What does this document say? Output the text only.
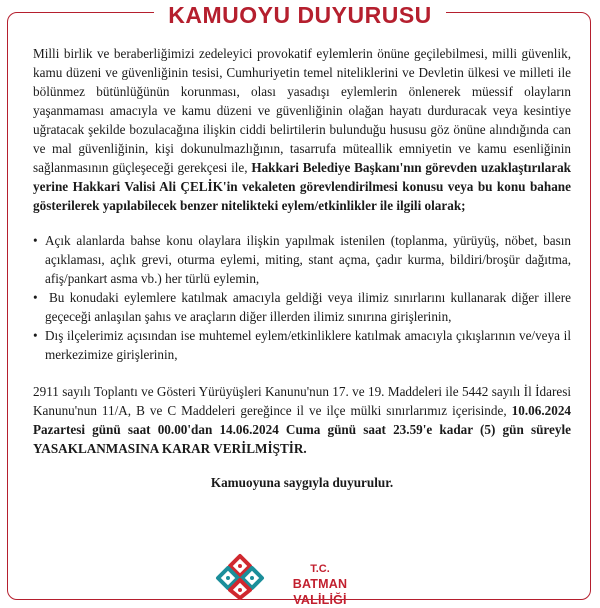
KAMUOYU DUYURUSU

Milli birlik ve beraberliğimizi zedeleyici provokatif eylemlerin önüne geçilebilmesi, milli güvenlik, kamu düzeni ve güvenliğinin tesisi, Cumhuriyetin temel niteliklerini ve Devletin ülkesi ve milleti ile bölünmez bütünlüğünün korunması, olası yasadışı eylemlerin önlenerek müessif olayların yaşanmaması amacıyla ve kamu düzeni ve güvenliğinin olağan hayatı durduracak veya kesintiye uğratacak şekilde bozulacağına ilişkin ciddi belirtilerin bulunduğu hususu göz önüne alındığında can ve mal güvenliğinin, kişi dokunulmazlığının, tasarrufa müteallik emniyetin ve kamu esenliğinin sağlanmasının güçleşeceği gerekçesi ile, Hakkari Belediye Başkanı'nın görevden uzaklaştırılarak yerine Hakkari Valisi Ali ÇELİK'in vekaleten görevlendirilmesi konusu veya bu konu bahane gösterilerek yapılabilecek benzer nitelikteki eylem/etkinlikler ile ilgili olarak;

• Açık alanlarda bahse konu olaylara ilişkin yapılmak istenilen (toplanma, yürüyüş, nöbet, basın açıklaması, açlık grevi, oturma eylemi, miting, stant açma, çadır kurma, bildiri/broşür dağıtma, afiş/pankart asma vb.) her türlü eylemin,
• Bu konudaki eylemlere katılmak amacıyla geldiği veya ilimiz sınırlarını kullanarak diğer illere geçeceği anlaşılan şahıs ve araçların diğer illerden ilimiz sınırına girişlerinin,
• Dış ilçelerimiz açısından ise muhtemel eylem/etkinliklere katılmak amacıyla çıkışlarının ve/veya il merkezimize girişlerinin,

2911 sayılı Toplantı ve Gösteri Yürüyüşleri Kanunu'nun 17. ve 19. Maddeleri ile 5442 sayılı İl İdaresi Kanunu'nun 11/A, B ve C Maddeleri gereğince il ve ilçe mülki sınırlarımız içerisinde, 10.06.2024 Pazartesi günü saat 00.00'dan 14.06.2024 Cuma günü saat 23.59'e kadar (5) gün süreyle YASAKLANMASINA KARAR VERİLMİŞTİR.

Kamuoyuna saygıyla duyurulur.

T.C.
BATMAN VALİLİĞİ
